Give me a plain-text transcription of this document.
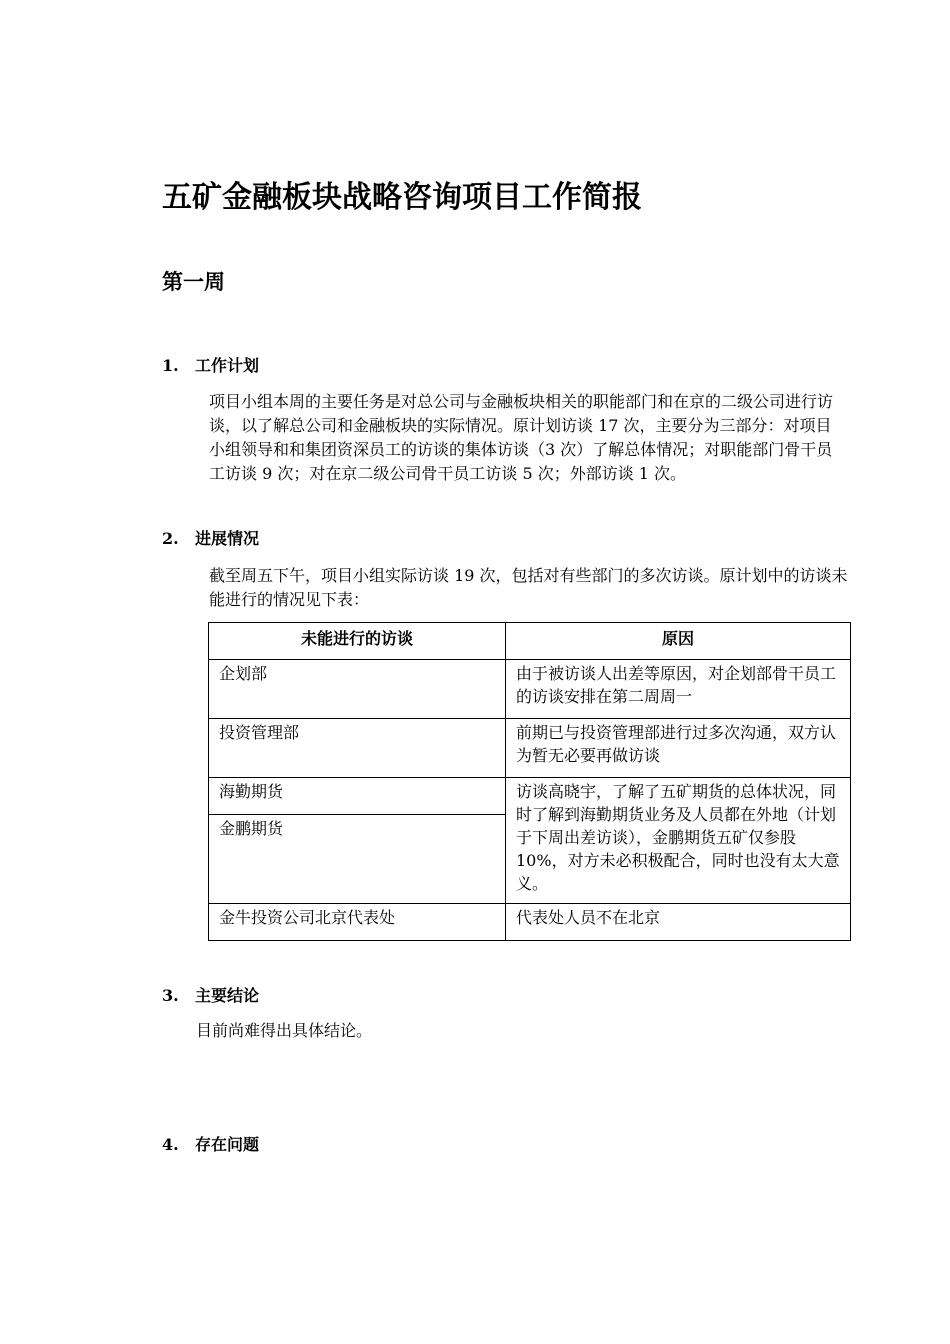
五矿金融板块战略咨询项目工作简报
第一周
1. 工作计划
项目小组本周的主要任务是对总公司与金融板块相关的职能部门和在京的二级公司进行访谈，以了解总公司和金融板块的实际情况。原计划访谈 17 次，主要分为三部分：对项目小组领导和和集团资深员工的访谈的集体访谈（3 次）了解总体情况；对职能部门骨干员工访谈 9 次；对在京二级公司骨干员工访谈 5 次；外部访谈 1 次。
2. 进展情况
截至周五下午，项目小组实际访谈 19 次，包括对有些部门的多次访谈。原计划中的访谈未能进行的情况见下表：
未能进行的访谈	原因
企划部	由于被访谈人出差等原因，对企划部骨干员工的访谈安排在第二周周一
投资管理部	前期已与投资管理部进行过多次沟通，双方认为暂无必要再做访谈
海勤期货	访谈高晓宇，了解了五矿期货的总体状况，同时了解到海勤期货业务及人员都在外地（计划于下周出差访谈），金鹏期货五矿仅参股 10%，对方未必积极配合，同时也没有太大意义。
金鹏期货	
金牛投资公司北京代表处	代表处人员不在北京
3. 主要结论
目前尚难得出具体结论。
4. 存在问题
